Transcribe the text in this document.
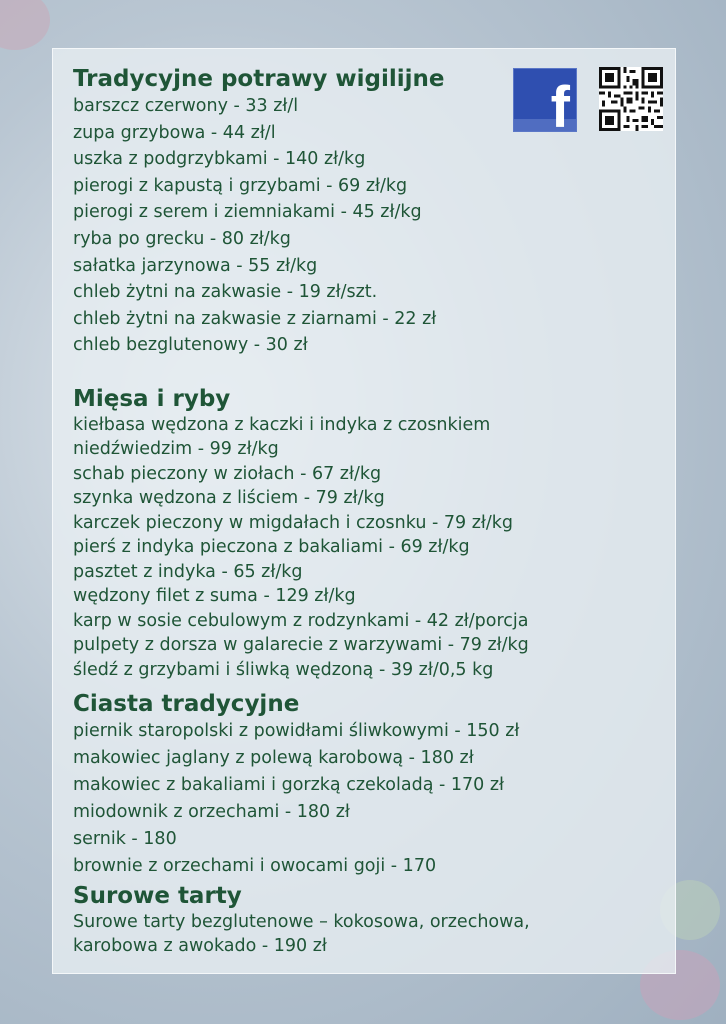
f
Tradycyjne potrawy wigilijne
barszcz czerwony - 33 zł/l
zupa grzybowa - 44 zł/l
uszka z podgrzybkami - 140 zł/kg
pierogi z kapustą i grzybami - 69 zł/kg
pierogi z serem i ziemniakami - 45 zł/kg
ryba po grecku - 80 zł/kg
sałatka jarzynowa - 55 zł/kg
chleb żytni na zakwasie - 19 zł/szt.
chleb żytni na zakwasie z ziarnami - 22 zł
chleb bezglutenowy - 30 zł
Mięsa i ryby
kiełbasa wędzona z kaczki i indyka z czosnkiem
niedźwiedzim - 99 zł/kg
schab pieczony w ziołach - 67 zł/kg
szynka wędzona z liściem - 79 zł/kg
karczek pieczony w migdałach i czosnku - 79 zł/kg
pierś z indyka pieczona z bakaliami - 69 zł/kg
pasztet z indyka - 65 zł/kg
wędzony filet z suma - 129 zł/kg
karp w sosie cebulowym z rodzynkami - 42 zł/porcja
pulpety z dorsza w galarecie z warzywami - 79 zł/kg
śledź z grzybami i śliwką wędzoną - 39 zł/0,5 kg
Ciasta tradycyjne
piernik staropolski z powidłami śliwkowymi - 150 zł
makowiec jaglany z polewą karobową - 180 zł
makowiec z bakaliami i gorzką czekoladą - 170 zł
miodownik z orzechami - 180 zł
sernik - 180
brownie z orzechami i owocami goji - 170
Surowe tarty
Surowe tarty bezglutenowe – kokosowa, orzechowa,
karobowa z awokado - 190 zł
